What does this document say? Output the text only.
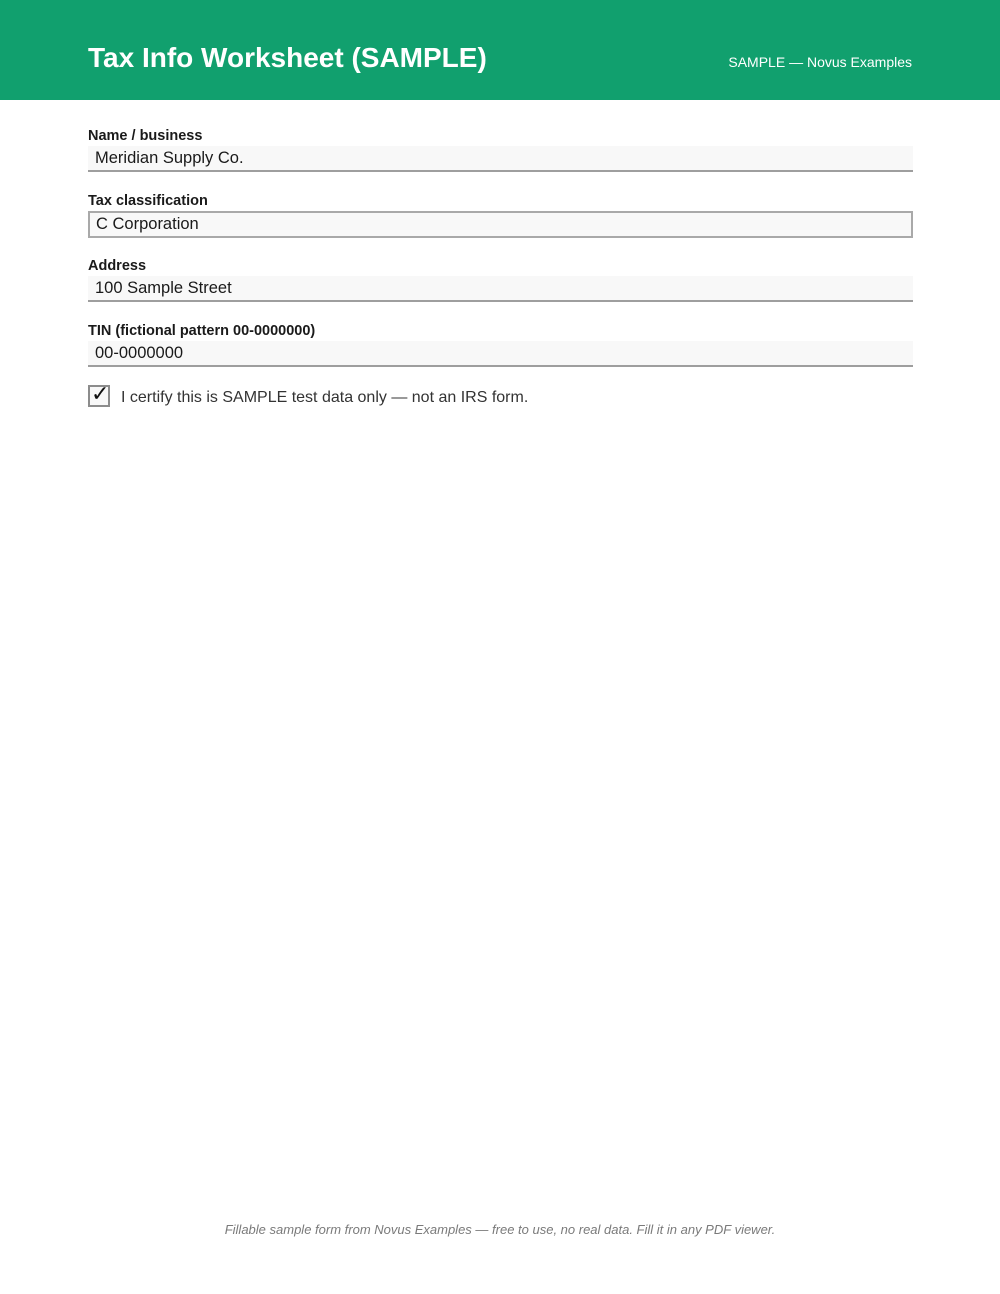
Tax Info Worksheet (SAMPLE)	SAMPLE — Novus Examples
Name / business
Meridian Supply Co.
Tax classification
C Corporation
Address
100 Sample Street
TIN (fictional pattern 00-0000000)
00-0000000
✓ I certify this is SAMPLE test data only — not an IRS form.
Fillable sample form from Novus Examples — free to use, no real data. Fill it in any PDF viewer.
